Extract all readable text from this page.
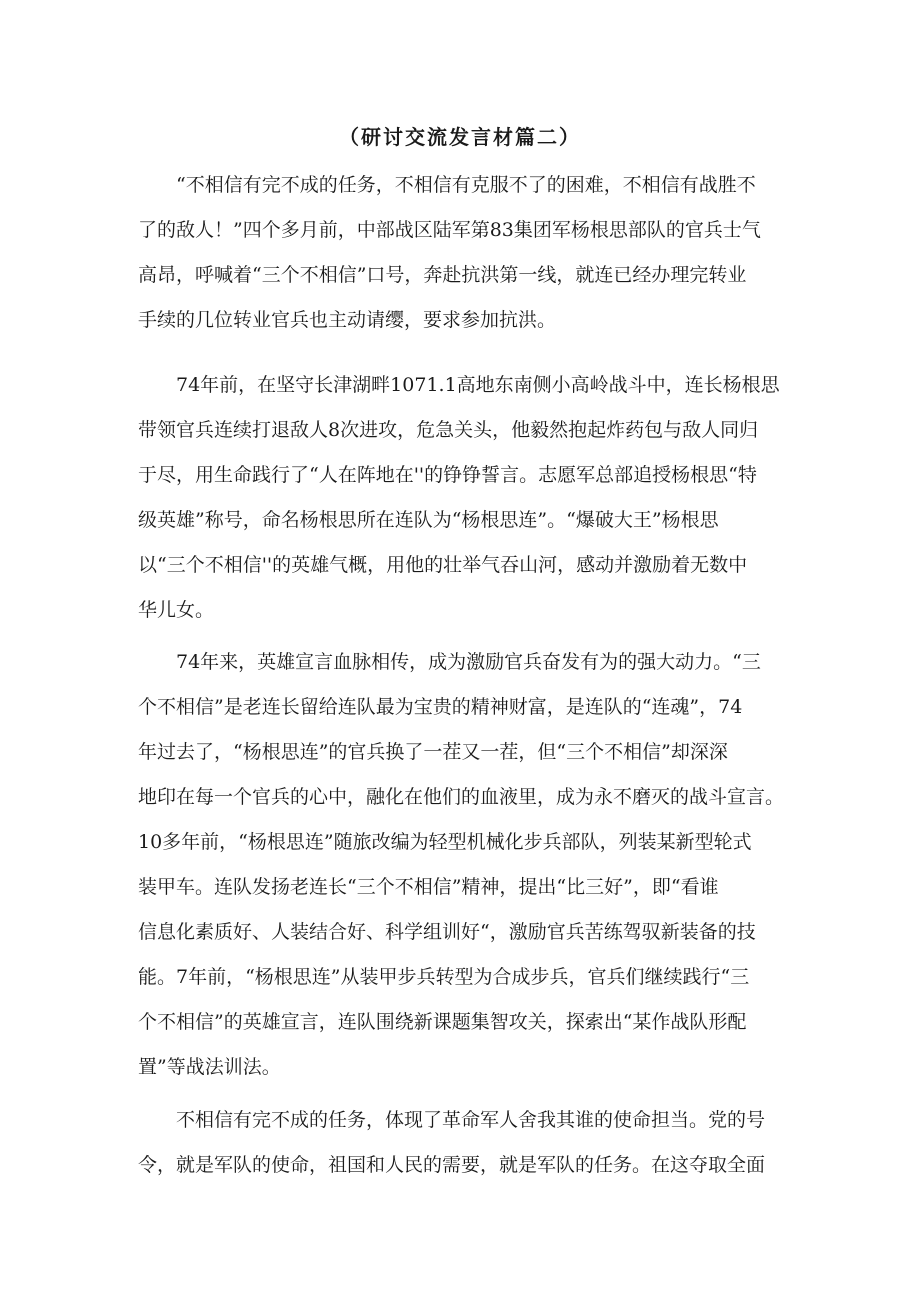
（研讨交流发言材篇二）
“不相信有完不成的任务，不相信有克服不了的困难，不相信有战胜不
了的敌人！”四个多月前，中部战区陆军第83集团军杨根思部队的官兵士气
高昂，呼喊着“三个不相信”口号，奔赴抗洪第一线，就连已经办理完转业
手续的几位转业官兵也主动请缨，要求参加抗洪。
74年前，在坚守长津湖畔1071.1高地东南侧小高岭战斗中，连长杨根思
带领官兵连续打退敌人8次进攻，危急关头，他毅然抱起炸药包与敌人同归
于尽，用生命践行了“人在阵地在''的铮铮誓言。志愿军总部追授杨根思“特
级英雄”称号，命名杨根思所在连队为“杨根思连”。“爆破大王”杨根思
以“三个不相信''的英雄气概，用他的壮举气吞山河，感动并激励着无数中
华儿女。
74年来，英雄宣言血脉相传，成为激励官兵奋发有为的强大动力。“三
个不相信”是老连长留给连队最为宝贵的精神财富，是连队的“连魂”，74
年过去了，“杨根思连”的官兵换了一茬又一茬，但“三个不相信”却深深
地印在每一个官兵的心中，融化在他们的血液里，成为永不磨灭的战斗宣言。
10多年前，“杨根思连”随旅改编为轻型机械化步兵部队，列装某新型轮式
装甲车。连队发扬老连长“三个不相信”精神，提出“比三好”，即“看谁
信息化素质好、人装结合好、科学组训好“，激励官兵苦练驾驭新装备的技
能。7年前，“杨根思连”从装甲步兵转型为合成步兵，官兵们继续践行“三
个不相信”的英雄宣言，连队围绕新课题集智攻关，探索出“某作战队形配
置”等战法训法。
不相信有完不成的任务，体现了革命军人舍我其谁的使命担当。党的号
令，就是军队的使命，祖国和人民的需要，就是军队的任务。在这夺取全面
